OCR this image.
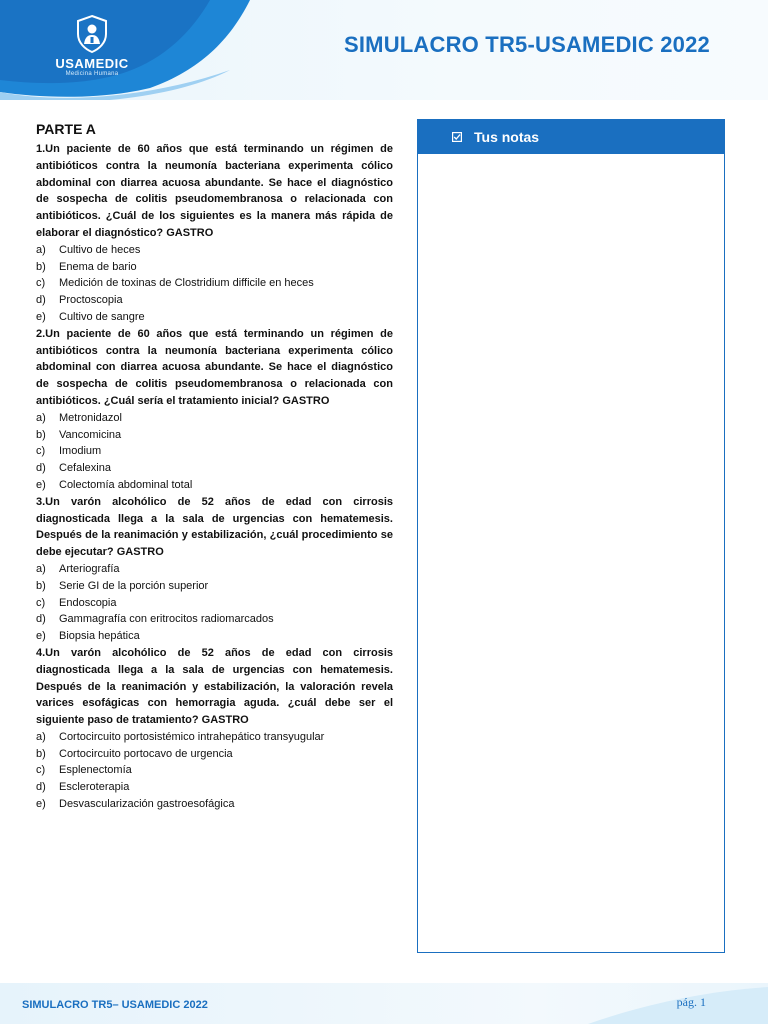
USAMEDIC
Medicina Humana
SIMULACRO TR5-USAMEDIC 2022
PARTE A

1.Un paciente de 60 años que está terminando un régimen de antibióticos contra la neumonía bacteriana experimenta cólico abdominal con diarrea acuosa abundante. Se hace el diagnóstico de sospecha de colitis pseudomembranosa o relacionada con antibióticos. ¿Cuál de los siguientes es la manera más rápida de elaborar el diagnóstico? GASTRO

a)	Cultivo de heces
b)	Enema de bario
c)	Medición de toxinas de Clostridium difficile en heces
d)	Proctoscopia
e)	Cultivo de sangre

2.Un paciente de 60 años que está terminando un régimen de antibióticos contra la neumonía bacteriana experimenta cólico abdominal con diarrea acuosa abundante. Se hace el diagnóstico de sospecha de colitis pseudomembranosa o relacionada con antibióticos. ¿Cuál sería el tratamiento inicial? GASTRO

a)	Metronidazol
b)	Vancomicina
c)	Imodium
d)	Cefalexina
e)	Colectomía abdominal total

3.Un varón alcohólico de 52 años de edad con cirrosis diagnosticada llega a la sala de urgencias con hematemesis. Después de la reanimación y estabilización, ¿cuál procedimiento se debe ejecutar? GASTRO

a)	Arteriografía
b)	Serie GI de la porción superior
c)	Endoscopia
d)	Gammagrafía con eritrocitos radiomarcados
e)	Biopsia hepática

4.Un varón alcohólico de 52 años de edad con cirrosis diagnosticada llega a la sala de urgencias con hematemesis. Después de la reanimación y estabilización, la valoración revela varices esofágicas con hemorragia aguda. ¿cuál debe ser el siguiente paso de tratamiento? GASTRO

a)	Cortocircuito portosistémico intrahepático transyugular
b)	Cortocircuito portocavo de urgencia
c)	Esplenectomía
d)	Escleroterapia
e)	Desvascularización gastroesofágica
Tus notas
SIMULACRO TR5– USAMEDIC 2022	pág. 1
